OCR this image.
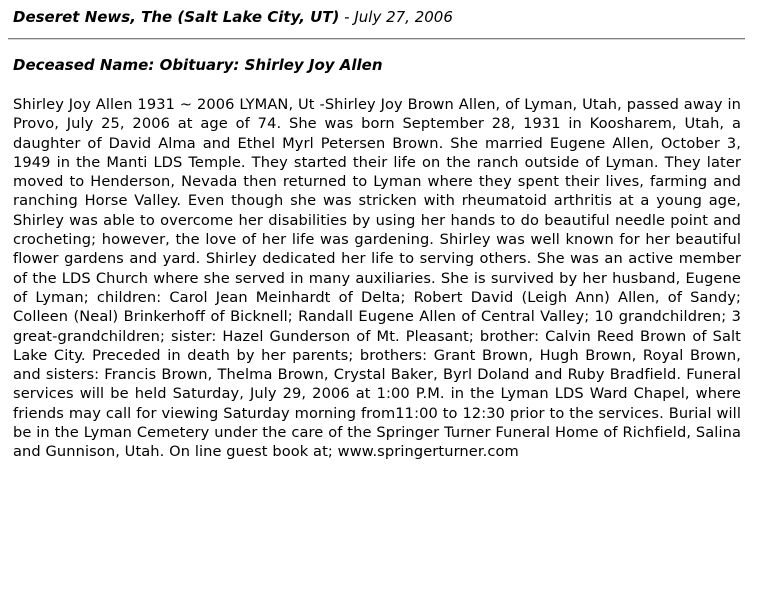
Deseret News, The (Salt Lake City, UT) - July 27, 2006
Deceased Name: Obituary: Shirley Joy Allen

Shirley Joy Allen 1931 ~ 2006 LYMAN, Ut -Shirley Joy Brown Allen, of Lyman, Utah, passed away in Provo, July 25, 2006 at age of 74. She was born September 28, 1931 in Koosharem, Utah, a daughter of David Alma and Ethel Myrl Petersen Brown. She married Eugene Allen, October 3, 1949 in the Manti LDS Temple. They started their life on the ranch outside of Lyman. They later moved to Henderson, Nevada then returned to Lyman where they spent their lives, farming and ranching Horse Valley. Even though she was stricken with rheumatoid arthritis at a young age, Shirley was able to overcome her disabilities by using her hands to do beautiful needle point and crocheting; however, the love of her life was gardening. Shirley was well known for her beautiful flower gardens and yard. Shirley dedicated her life to serving others. She was an active member of the LDS Church where she served in many auxiliaries. She is survived by her husband, Eugene of Lyman; children: Carol Jean Meinhardt of Delta; Robert David (Leigh Ann) Allen, of Sandy; Colleen (Neal) Brinkerhoff of Bicknell; Randall Eugene Allen of Central Valley; 10 grandchildren; 3 great-grandchildren; sister: Hazel Gunderson of Mt. Pleasant; brother: Calvin Reed Brown of Salt Lake City. Preceded in death by her parents; brothers: Grant Brown, Hugh Brown, Royal Brown, and sisters: Francis Brown, Thelma Brown, Crystal Baker, Byrl Doland and Ruby Bradfield. Funeral services will be held Saturday, July 29, 2006 at 1:00 P.M. in the Lyman LDS Ward Chapel, where friends may call for viewing Saturday morning from11:00 to 12:30 prior to the services. Burial will be in the Lyman Cemetery under the care of the Springer Turner Funeral Home of Richfield, Salina and Gunnison, Utah. On line guest book at; www.springerturner.com
